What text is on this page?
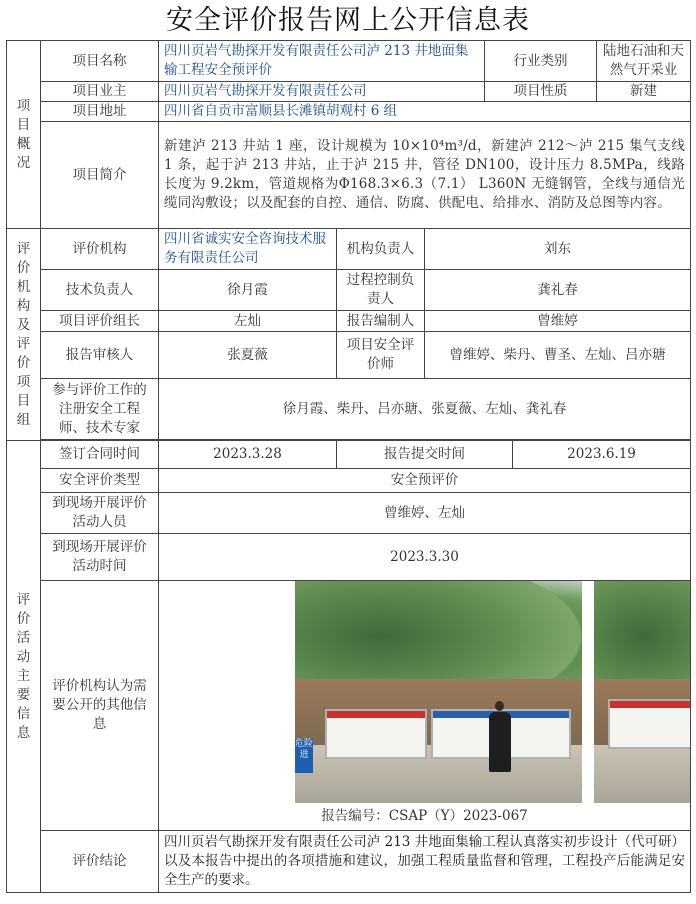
安全评价报告网上公开信息表
项目概况	项目名称	四川页岩气勘探开发有限责任公司泸 213 井地面集输工程安全预评价			行业类别		陆地石油和天然气开采业
	项目业主	四川页岩气勘探开发有限责任公司			项目性质		新建
	项目地址	四川省自贡市富顺县长滩镇胡观村 6 组					
	项目简介	新建泸 213 井站 1 座，设计规模为 10×10⁴m³/d，新建泸 212～泸 215 集气支线 1 条，起于泸 213 井站，止于泸 215 井，管径 DN100，设计压力 8.5MPa，线路长度为 9.2km，管道规格为Φ168.3×6.3（7.1） L360N 无缝钢管，全线与通信光缆同沟敷设；以及配套的自控、通信、防腐、供配电、给排水、消防及总图等内容。					
评价机构及评价项目组	评价机构	四川省诚实安全咨询技术服务有限责任公司	机构负责人	刘东			
	技术负责人	徐月霞	过程控制负责人	龚礼春			
	项目评价组长	左灿	报告编制人	曾维婷			
	报告审核人	张夏薇	项目安全评价师	曾维婷、柴丹、曹圣、左灿、吕亦瑭			
	参与评价工作的注册安全工程师、技术专家	徐月霞、柴丹、吕亦瑭、张夏薇、左灿、龚礼春					

评价活动主要信息	签订合同时间	2023.3.28	报告提交时间			2023.6.19	
	安全评价类型	安全预评价					
	到现场开展评价活动人员	曾维婷、左灿					
	到现场开展评价活动时间	2023.3.30					
	评价机构认为需要公开的其他信息	危险
进
报告编号：CSAP（Y）2023-067					

	评价结论	四川页岩气勘探开发有限责任公司泸 213 井地面集输工程认真落实初步设计（代可研）以及本报告中提出的各项措施和建议，加强工程质量监督和管理，工程投产后能满足安全生产的要求。					
